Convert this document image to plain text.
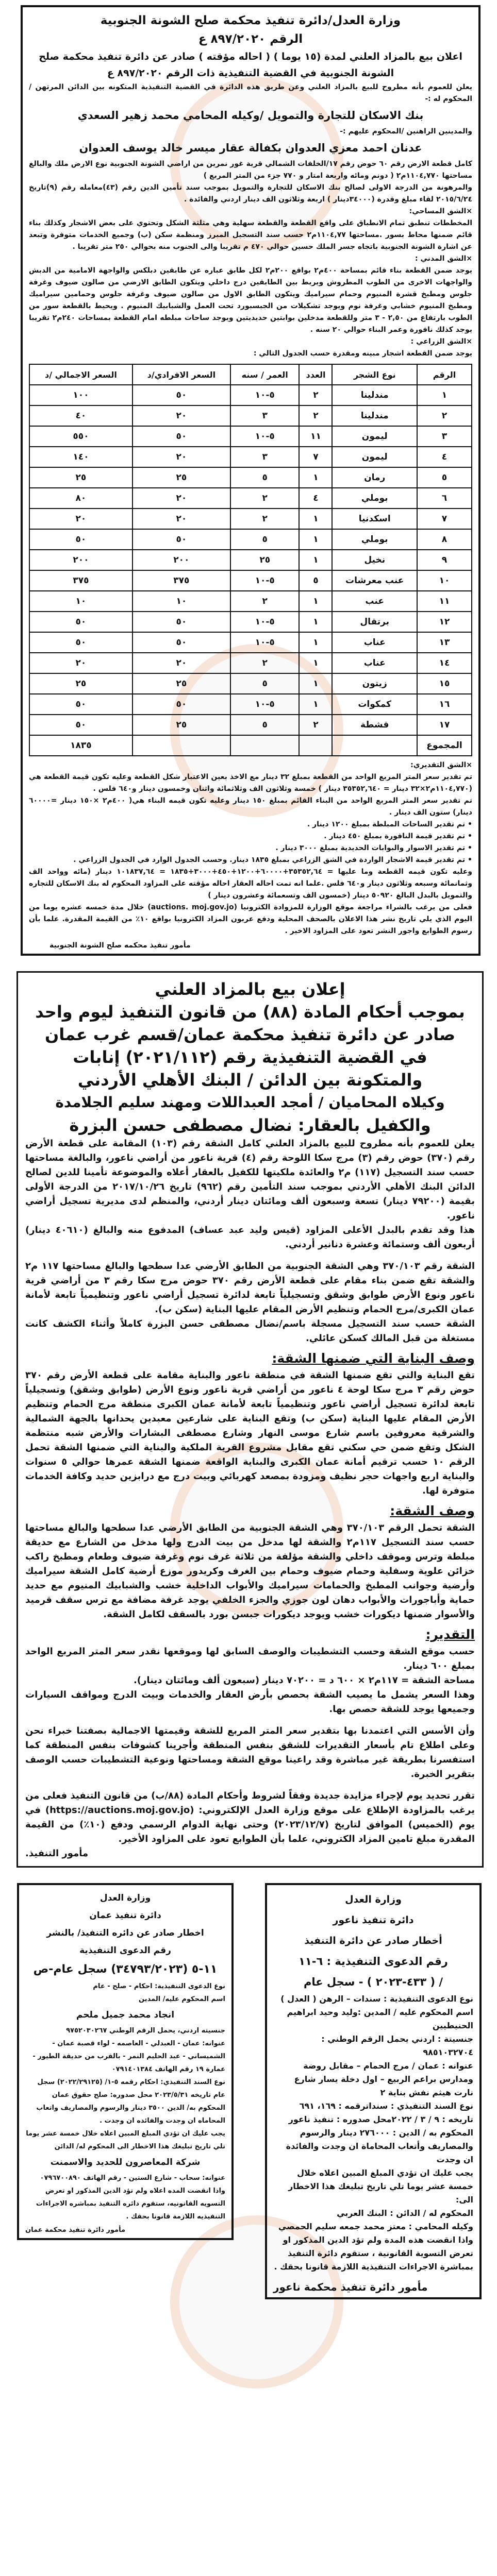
وزارة العدل/دائرة تنفيذ محكمة صلح الشونة الجنوبية
الرقم ٨٩٧/٢٠٢٠ ع
اعلان بيع بالمزاد العلني لمدة (١٥ يوما ) ( احاله مؤقته ) صادر عن دائرة تنفيذ محكمة صلح الشونة الجنوبية في القضية التنفيذية ذات الرقم ٨٩٧/٢٠٢٠ ع

يعلن للعموم بأنه مطروح للبيع بالمزاد العلني وعن طريق هذه الدائرة في القضية التنفيذية المتكونه بين الدائن المرتهن /المحكوم له :-

بنك الاسكان للتجارة والتمويل /وكيله المحامي محمد زهير السعدي

والمدينين الراهنين /المحكوم عليهم :-

عدنان احمد معزي العدوان بكفالة عقار ميسر خالد يوسف العدوان

كامل قطعة الارض رقم ٦٠ حوض رقم ١٧/الخلفات الشمالي قرية غور نمرين من اراضي الشونة الجنوبية نوع الارض ملك والبالغ مساحتها ١١٠٤,٧٧٠م٢ ( دونم ومائه واربعة امتار و ٧٧٠ جزء من المتر المربع )

والمرهونة من الدرجة الاولى لصالح بنك الاسكان للتجارة والتمويل بموجب سند تأمين الدين رقم (٤٣)معامله رقم (٩)تاريخ ٢٠١٥/٦/٢٤ لقاء مبلغ وقدرة (٣٤٠٠٠دينار ) اربعة وثلاثون الف دينار اردني والفائدة .

×الشق المساحي:

المخططات تنطبق تمام الانطباق على واقع القطعة والقطعة سهلية وهي مثلثة الشكل وتحتوي على بعض الاشجار وكذلك بناء قائم ضمنها محاط بسور .مساحتها ١١٠٤,٧٧م٢ حسب سند التسجيل المبرز ومنظمة سكن (ب) وجميع الخدمات متوفرة وتبعد عن اشارة الشونة الجنوبية باتجاه جسر الملك حسين حوالي ٤٧٠ م تقريبا والى الجنوب منه بحوالي ٢٥٠ متر تقريبا .

×الشق المدني :

يوجد ضمن القطعة بناء قائم بمساحة ٤٠٠م٢ بواقع ٢٠٠م٢ لكل طابق عباره عن طابقين دبلكس والواجهة الامامية من الدبش والواجهات الاخرى من الطوب المطروش ويربط بين الطابقين درج داخلي ويتكون الطابق الارضي من صالون ضيوف وغرفة جلوس ومطبخ قشرة المنيوم وحمام سيراميك ويتكون الطابق الاول من صالون ضيوف وغرفة جلوس وحمامين سيراميك ومطبخ المنيوم خشابي وغرفة نوم ويوجد تشكيلات من الجبسبورد تحت العمل والشبابيك المنيوم . ويحيط بالقطعة سور من الطوب بارتفاع من ٢,٥٠ - ٣ متر وللقطعة مدخلين بوابتين حديديتين ويوجد ساحات مبلطه امام القطعة بمساحات ٢٤٠م٢ تقريبا يوجد كذلك نافورة وعمر البناء حوالي ٢٠ سنه .

×الشق الزراعي :

يوجد ضمن القطعة اشجار مبينه ومقدرة حسب الجدول التالي :

الرقم	نوع الشجر	العدد	العمر / سنه	السعر الافرادي/د	السعر الاجمالي /د
١	مندلينا	٢	٥-١٠	٥٠	١٠٠
٢	مندلينا	٢	٣	٢٠	٤٠
٣	ليمون	١١	٥-١٠	٥٠	٥٥٠
٤	ليمون	٧	٣	٢٠	١٤٠
٥	رمان	١	٥	٢٥	٢٥
٦	بوملي	٤	٢	٢٠	٨٠
٧	اسكدنيا	١	٢	٢٠	٢٠
٨	بوملي	١	٥	٥٠	٥٠
٩	نخيل	١	٢٥	٢٠٠	٢٠٠
١٠	عنب معرشات	٥	٥-١٠	٣٧٥	٣٧٥
١١	عنب	١	٢	١٠	١٠
١٢	برتقال	١	٥-١٠	٥٠	٥٠
١٣	عناب	١	٥-١٠	٥٠	٥٠
١٤	عناب	١	٢	٢٠	٢٠
١٥	زيتون	١	٥	٢٥	٢٥
١٦	كمكوات	١	٥-١٠	٥٠	٥٠
١٧	قشطة	٢	٥	٢٥	٥٠
المجموع					١٨٣٥
×الشق التقديري:

تم تقدير سعر المتر المربع الواحد من القطعة بمبلغ ٣٢ دينار مع الاخذ بعين الاعتبار شكل القطعة وعليه تكون قيمة القطعة هي (١١٠٤,٧٧٠م٢×٣٢ دينار = ٣٥٣٥٢,٦٤٠ دينار ) خمسة وثلاثون الف وثلاثمائة واثنان وخمسون دينار و٦٤٠ فلس .

تم تقدير سعر المتر المربع الواحد من البناء القائم بمبلغ ١٥٠ دينار وعليه تكون قيمه البناء هي( ٤٠٠م٢ ×١٥٠ دينار =٦٠٠٠٠ دينار) ستون الف دينار .

• تم تقدير الساحات المبلطة بمبلغ ١٢٠٠ دينار .

• تم تقدير قيمة النافورة بمبلغ ٤٥٠ دينار .

• تم تقدير الاسوار والبوابات الحديدية بمبلغ ٣٠٠٠ دينار .

• تم تقدير قيمة الاشجار الواردة في الشق الزراعي بمبلغ ١٨٣٥ دينار. وحسب الجدول الوارد في الجدول الزراعي .

وعليه تكون قيمه القطعة وما عليها = ٣٥٣٥٢,٦٤+٦٠٠٠٠+١٢٠٠+٤٥٠+٣٠٠٠+١٨٣٥ = ١٠١٨٣٧,٦٤ دينار (مائه وواحد الف وثمانمائة وسبعه وثلاثون دينار و٦٤٠ فلس .علما انه تمت احاله العقار احاله مؤقته على المزاود المحكوم له بنك الاسكان للتجاره والتمويل بالبدل البالغ ٥٠٩٢٠ دينار (خمسون الف وتسعمائة وعشرون دينار )

فعلى من يرغب بالشراء مراجعة موقع الوزارة للمزوادة الكترونيا (auctions. moj.gov.jo) خلال مدة خمسه عشره يوما من اليوم الذي يلي تاريخ نشر هذا الاعلان بالصحف المحلية ودفع عربون المزاد الكترونيا بواقع ١٠٪ من القيمة المقدرة. علما بأن رسوم الطوابع واجور النشر تعود على المزاود الاخير .

مأمور تنفيذ محكمه صلح الشونة الجنوبية
إعلان بيع بالمزاد العلني
بموجب أحكام المادة (٨٨) من قانون التنفيذ ليوم واحد
صادر عن دائرة تنفيذ محكمة عمان/قسم غرب عمان
في القضية التنفيذية رقم (٢٠٢١/١١٢) إنابات
والمتكونة بين الدائن / البنك الأهلي الأردني
وكيلاه المحاميان / أمجد العبداللات ومهند سليم الجلامدة
والكفيل بالعقار: نضال مصطفى حسن البزرة

يعلن للعموم بأنه مطروح للبيع بالمزاد العلني كامل الشقة رقم (١٠٣) المقامة على قطعة الأرض رقم (٣٧٠) حوض رقم (٣) مرج سكا اللوحة رقم (٤) قرية ناعور من أراضي ناعور، والبالغة مساحتها حسب سند التسجيل (١١٧) م٢ والعائدة ملكيتها للكفيل بالعقار أعلاه والموضوعة تأمينا للدين لصالح الدائن البنك الأهلي الأردني بموجب سند التأمين رقم (٩٦٢) تاريخ ٢٠١٧/١٠/٢٦ من الدرجة الأولى بقيمة (٧٩٢٠٠ دينار) تسعة وسبعون ألف ومائتان دينار أردني، والمنظم لدى مديرية تسجيل أراضي ناعور.

هذا وقد تقدم بالبدل الأعلى المزاود (قيس وليد عبد عساف) المدفوع منه والبالغ (٤٠٦١٠ دينار) أربعون ألف وستمائة وعشرة دنانير أردني.

الشقة رقم ٣٧٠/١٠٣ وهي الشقة الجنوبية من الطابق الأرضي عدا سطحها والبالغ مساحتها ١١٧ م٢ والشقة تقع ضمن بناء مقام على قطعة الأرض رقم ٣٧٠ حوض مرج سكا رقم ٣ من أراضي قرية ناعور ونوع الأرض طوابق وشقق وتسجيلياً تابعة لدائرة تسجيل أراضي ناعور وتنظيمياً تابعة لأمانة عمان الكبرى/مرج الحمام وتنظيم الأرض المقام عليها البناية (سكن ب).

الشقة حسب سند التسجيل مسجلة باسم/نضال مصطفى حسن البزرة كاملاً وأثناء الكشف كانت مستغلة من قبل المالك كسكن عائلي.

وصف البناية التي ضمنها الشقة:

تقع البناية والتي تقع ضمنها الشقة في منطقة ناعور والبناية مقامة على قطعة الأرض رقم ٣٧٠ حوض رقم ٣ مرج سكا لوحة ٤ ناعور من أراضي قرية ناعور ونوع الأرض (طوابق وشقق) وتسجيلياً تابعة لدائرة تسجيل أراضي ناعور وتنظيمياً تابعة لأمانة عمان الكبرى منطقة مرج الحمام وتنظيم الأرض المقام عليها البناية (سكن ب) وتقع البناية على شارعين معبدين يحدانها بالجهة الشمالية والشرقية معروفين باسم شارع موسى النهار وشارع مصطفى البشارات والأرض شبه منتظمة الشكل وتقع ضمن حي سكني تقع مقابل مشروع القرية الملكية والبناية التي ضمنها الشقة تحمل الرقم ١٠ حسب ترقيم أمانة عمان الكبرى والبناية الواقعة ضمنها الشقة عمرها حوالي ٥ سنوات والبناية اربع واجهات حجر نظيف ومزودة بمصعد كهربائي وبيت درج مع درابزين حديد وكافة الخدمات متوفرة لها.

وصف الشقة:

الشقة تحمل الرقم ٣٧٠/١٠٣ وهي الشقة الجنوبية من الطابق الأرضي عدا سطحها والبالغ مساحتها حسب سند التسجيل ١١٧م٢ والشقة لها مدخل من بيت الدرج ولها مدخل من الشارع مع حديقة مبلطة وترس وموقف داخلي والشقة مؤلفة من ثلاثة غرف نوم وغرفة ضيوف وطعام ومطبخ راكب خزائن علوية وسفلية وحمام ضيوف وحمام بين الغرف وكريدور موزع أرضية كامل الشقة سيراميك وأرضية وجوانب المطبخ والحمامات سيراميك والأبواب الداخلية خشب والشبابيك المنيوم مع حديد حماية وأباجورات والأبواب دهان لون جوزي والجزء الخلفي يوجد غرفة مضافة مع ترس سقف قرميد والأسوار ضمنها ديكورات خشب ويوجد ديكورات جبسن بورد بالسقف لكامل الشقة.

التقدير:

حسب موقع الشقة وحسب التشطيبات والوصف السابق لها وموقعها نقدر سعر المتر المربع الواحد بمبلغ ٦٠٠ دينار.

مساحة الشقة = ١١٧م٢ × ٦٠٠ د = ٧٠٢٠٠ دينار (سبعون ألف ومائتان دينار).

وهذا السعر يشمل ما يصيب الشقة بحصص بأرض العقار والخدمات وبيت الدرج ومواقف السيارات وجميعها يوجد للشقة حصص بها.

وأن الأسس التي اعتمدنا بها بتقدير سعر المتر المربع للشقة وقيمتها الاجمالية بصفتنا خبراء نحن وعلى اطلاع تام بأسعار التقديرات للشقق بنفس المنطقة وأجرينا كشوفات بنفس المنطقة كما استفسرنا بطريقة غير مباشرة وقد راعينا موقع الشقة ومساحتها ونوعية التشطيبات حسب الوصف بتقرير الخبرة.

تقرر تحديد يوم لإجراء مزايدة جديدة وفقاً لشروط وأحكام المادة (٨٨/ب) من قانون التنفيذ فعلى من يرغب بالمزاودة الإطلاع على موقع وزارة العدل الإلكتروني: (https://auctions.moj.gov.jo) في يوم (الخميس) الموافق لتاريخ (٢٠٢٣/١٢/٧) وحتى نهاية الدوام الرسمي ودفع (١٠٪) من القيمة المقدرة مبلغ تامين المزاد الكتروني، علما بأن الطوابع تعود على المزاود الأخير.

مأمور التنفيذ.
وزارة العدل
دائرة تنفيذ ناعور
أخطار صادر عن دائرة التنفيذ
رقم الدعوى التنفيذية : ٦-١١
/ ( ٤٣٣-٢٠٢٣ ) - سجل عام

نوع الدعوى التنفيذية : سندات – الرهن ( العدل )

اسم المحكوم عليه / المدين :وليد وحيد ابراهيم الحنيطيين

جنسيتة : اردني يحمل الرقم الوطني : ٩٨٥١٠٣٢٧٠٤

عنوانه : عمان / مرج الحمام – مقابل روضة ومدارس براعم الربيع – اول دخلة يسار شارع نارت هيثم نفش بناية ٢

نوع السند التنفيذي : سنداترقمه : ١٦٩، ٦٩١ تاريخه : ٩ / ٣ / ٢٠٢٢محل صدوره : تنفيذ ناعور

المحكوم به / الدين : ٢٧٦٠٠٠ دينار والرسوم والمصاريف وأتعاب المحاماة ان وجدت والفائدة ان وجدت

يجب عليك ان تؤدي المبلغ المبين اعلاه خلال خمسة عشر يوما تلي تاريخ تبليغك هذا الاخطار الى:

المحكوم له / الدائن : البنك العربي

وكيله المحامي : معتز محمد جمعه سليم الحمصي

واذا انقضت هذه المدة ولم تؤد الدين المذكور او تعرض التسوية القانونية ، ستقوم دائرة التنفيذ بمباشرة الاجراءات التنفيذية اللازمة قانونا بحقك .

مأمور دائرة تنفيذ محكمة ناعور
وزارة العدل
دائرة تنفيذ عمان
اخطار صادر عن دائره التنفيذ/ بالنشر
رقم الدعوى التنفيذية
١١-٥ (٣٤٧٩٣/٢٠٢٣) سجل عام-ص

نوع الدعوى التنفيذية: احكام - صلح - عام

اسم المحكوم عليه/ المدين

انجاد محمد جميل ملحم

جنسيته اردني، يحمل الرقم الوطني ٩٧٥٢٠٣٠٢٦٧

عنوانه: عمان - العبدلي - العاصمه - لواء قصبة عمان - الشميساني - عبد الحليم النمر - بالقرب من حديقة الطيور - عمارة ١٩ رقم الهاتف ٠٧٩١٤٠١٣٨٤

نوع السند التنفيذي: احكام رقمه ٥-١/ (٢٠٢٢/٢٩١٢٥) سجل عام تاريخه ٢٠٢٣/٥/٣١ محل صدوره: صلح حقوق عمان

المحكوم به/ الدين ٣٥٠٠ دينار والرسوم والمصاريف واتعاب المحاماه ان وجدت والفائده ان وجدت .

يجب عليك ان تؤدي المبلغ المبين اعلاه خلال خمسة عشر يوما تلي تاريخ تبليغك هذا الاخطار الى المحكوم له/ الدائن

شركة المعاصرون للحديد والاسمنت

عنوانه: سحاب - شارع الستين - رقم الهاتف ٠٧٩٦٧٠٠٨٩٠

واذا انقضت المده اعلاه ولم تؤد الدين المذكور او تعرض التسويه القانونيه، ستقوم دائره التنفيذ بمباشره الاجراءات التنفيذيه اللازمة قانونا بحقك .

مأمور دائرة تنفيذ محكمة عمان
